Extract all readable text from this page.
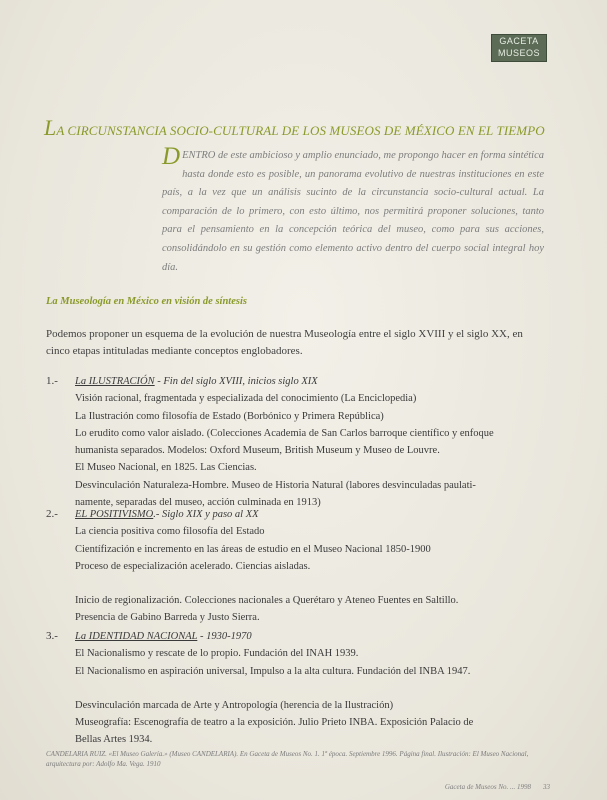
GACETA
MUSEOS
LA CIRCUNSTANCIA SOCIO-CULTURAL DE LOS MUSEOS DE MÉXICO EN EL TIEMPO
DENTRO de este ambicioso y amplio enunciado, me propongo hacer en forma sintética hasta donde esto es posible, un panorama evolutivo de nuestras instituciones en este país, a la vez que un análisis sucinto de la circunstancia socio-cultural actual. La comparación de lo primero, con esto último, nos permitirá proponer soluciones, tanto para el pensamiento en la concepción teórica del museo, como para sus acciones, consolidándolo en su gestión como elemento activo dentro del cuerpo social integral hoy día.
La Museología en México en visión de síntesis
Podemos proponer un esquema de la evolución de nuestra Museología entre el siglo XVIII y el siglo XX, en cinco etapas intituladas mediante conceptos englobadores.
1.-	La ILUSTRACIÓN - Fin del siglo XVIII, inicios siglo XIX
Visión racional, fragmentada y especializada del conocimiento (La Enciclopedia)
La Ilustración como filosofía de Estado (Borbónico y Primera República)
Lo erudito como valor aislado. (Colecciones Academia de San Carlos barroque científico y enfoque
humanista separados. Modelos: Oxford Museum, British Museum y Museo de Louvre.
El Museo Nacional, en 1825. Las Ciencias.
Desvinculación Naturaleza-Hombre. Museo de Historia Natural (labores desvinculadas paulati-
namente, separadas del museo, acción culminada en 1913)
2.-	EL POSITIVISMO.- Siglo XIX y paso al XX
La ciencia positiva como filosofía del Estado
Científización e incremento en las áreas de estudio en el Museo Nacional 1850-1900
Proceso de especialización acelerado. Ciencias aisladas.
Inicio de regionalización. Colecciones nacionales a Querétaro y Ateneo Fuentes en Saltillo.
Presencia de Gabino Barreda y Justo Sierra.
3.-	La IDENTIDAD NACIONAL - 1930-1970
El Nacionalismo y rescate de lo propio. Fundación del INAH 1939.
El Nacionalismo en aspiración universal, Impulso a la alta cultura. Fundación del INBA 1947.
Desvinculación marcada de Arte y Antropología (herencia de la Ilustración)
Museografía: Escenografía de teatro a la exposición. Julio Prieto INBA. Exposición Palacio de
Bellas Artes 1934.
CANDELARIA RUIZ. «El Museo Galería.» (Museo CANDELARIA). En Gaceta de Museos No. 1. 1ª época. Septiembre 1996. Página final. Ilustración: El Museo Nacional, arquitectura por: Adolfo Ma. Vega. 1910
Gaceta de Museos No. ... 1998 33
